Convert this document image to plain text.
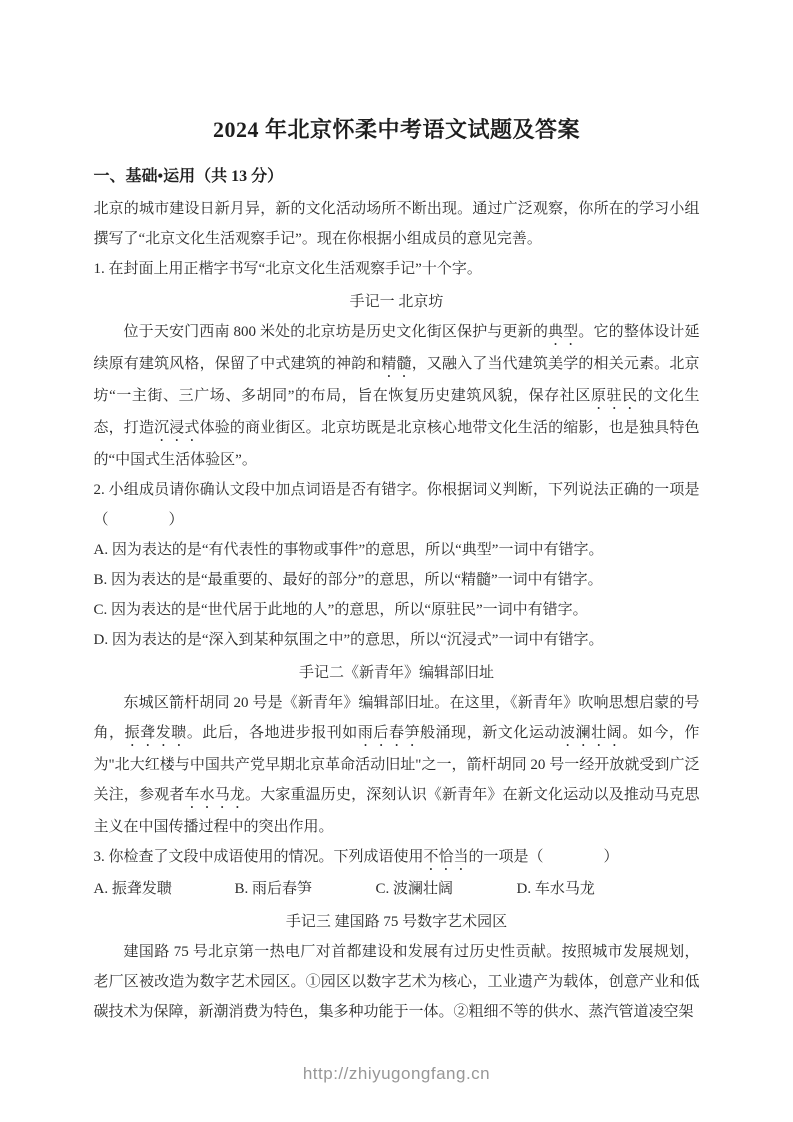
2024 年北京怀柔中考语文试题及答案
一、基础•运用（共 13 分）

北京的城市建设日新月异，新的文化活动场所不断出现。通过广泛观察，你所在的学习小组撰写了“北京文化生活观察手记”。现在你根据小组成员的意见完善。

1. 在封面上用正楷字书写“北京文化生活观察手记”十个字。

手记一 北京坊

位于天安门西南 800 米处的北京坊是历史文化街区保护与更新的典型。它的整体设计延续原有建筑风格，保留了中式建筑的神韵和精髓，又融入了当代建筑美学的相关元素。北京坊“一主街、三广场、多胡同”的布局，旨在恢复历史建筑风貌，保存社区原驻民的文化生态，打造沉浸式体验的商业街区。北京坊既是北京核心地带文化生活的缩影，也是独具特色的“中国式生活体验区”。

2. 小组成员请你确认文段中加点词语是否有错字。你根据词义判断，下列说法正确的一项是（　　　　）

A. 因为表达的是“有代表性的事物或事件”的意思，所以“典型”一词中有错字。

B. 因为表达的是“最重要的、最好的部分”的意思，所以“精髓”一词中有错字。

C. 因为表达的是“世代居于此地的人”的意思，所以“原驻民”一词中有错字。

D. 因为表达的是“深入到某种氛围之中”的意思，所以“沉浸式”一词中有错字。

手记二《新青年》编辑部旧址

东城区箭杆胡同 20 号是《新青年》编辑部旧址。在这里，《新青年》吹响思想启蒙的号角，振聋发聩。此后，各地进步报刊如雨后春笋般涌现，新文化运动波澜壮阔。如今，作为"北大红楼与中国共产党早期北京革命活动旧址"之一，箭杆胡同 20 号一经开放就受到广泛关注，参观者车水马龙。大家重温历史，深刻认识《新青年》在新文化运动以及推动马克思主义在中国传播过程中的突出作用。

3. 你检查了文段中成语使用的情况。下列成语使用不恰当的一项是（　　　　）

A. 振聋发聩	B. 雨后春笋	C. 波澜壮阔	D. 车水马龙

手记三 建国路 75 号数字艺术园区

建国路 75 号北京第一热电厂对首都建设和发展有过历史性贡献。按照城市发展规划，老厂区被改造为数字艺术园区。①园区以数字艺术为核心，工业遗产为载体，创意产业和低碳技术为保障，新潮消费为特色，集多种功能于一体。②粗细不等的供水、蒸汽管道凌空架

http://zhiyugongfang.cn
